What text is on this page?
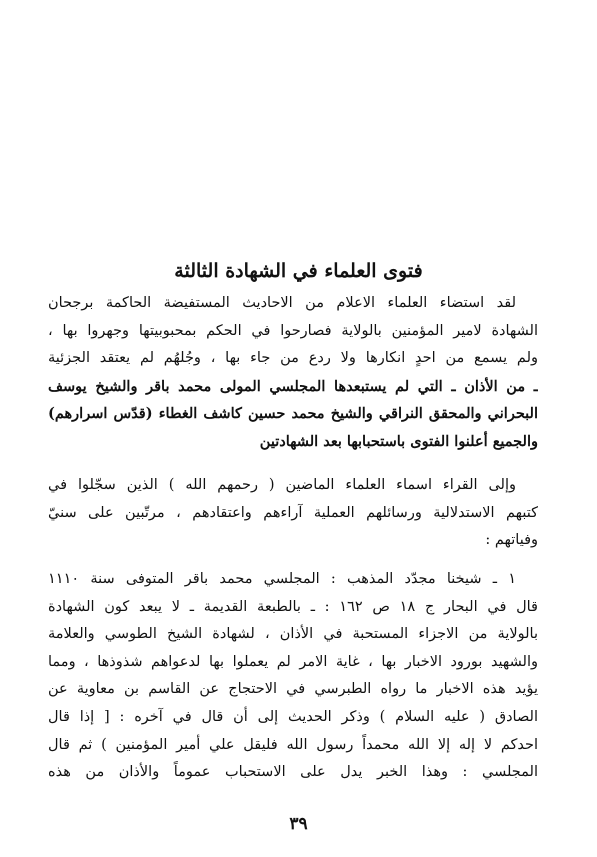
فتوى العلماء في الشهادة الثالثة
لقد استضاء العلماء الاعلام من الاحاديث المستفيضة الحاكمة برجحان
الشهادة لامير المؤمنين بالولاية فصارحوا في الحكم بمحبوبيتها وجهروا بها ،
ولم يسمع من احدٍ انكارها ولا ردع من جاء بها ، وجُلهُم لم يعتقد الجزئية
ـ من الأذان ـ التي لم يستبعدها المجلسي المولى محمد باقر والشيخ يوسف
البحراني والمحقق النراقي والشيخ محمد حسين كاشف الغطاء (قدّس اسرارهم)
والجميع أعلنوا الفتوى باستحبابها بعد الشهادتين
وإلى القراء اسماء العلماء الماضين ( رحمهم الله ) الذين سجّلوا في
كتبهم الاستدلالية ورسائلهم العملية آراءهم واعتقادهم ، مرتّبين على سنيّ
وفياتهم :
١ ـ شيخنا مجدّد المذهب : المجلسي محمد باقر المتوفى سنة ١١١٠
قال في البحار ج ١٨ ص ١٦٢ : ـ بالطبعة القديمة ـ لا يبعد كون الشهادة
بالولاية من الاجزاء المستحبة في الأذان ، لشهادة الشيخ الطوسي والعلامة
والشهيد بورود الاخبار بها ، غاية الامر لم يعملوا بها لدعواهم شذوذها ، ومما
يؤيد هذه الاخبار ما رواه الطبرسي في الاحتجاج عن القاسم بن معاوية عن
الصادق ( عليه السلام ) وذكر الحديث إلى أن قال في آخره : [ إذا قال
احدكم لا إله إلا الله محمداً رسول الله فليقل علي أمير المؤمنين ) ثم قال
المجلسي : وهذا الخبر يدل على الاستحباب عموماً والأذان من هذه
٣٩
